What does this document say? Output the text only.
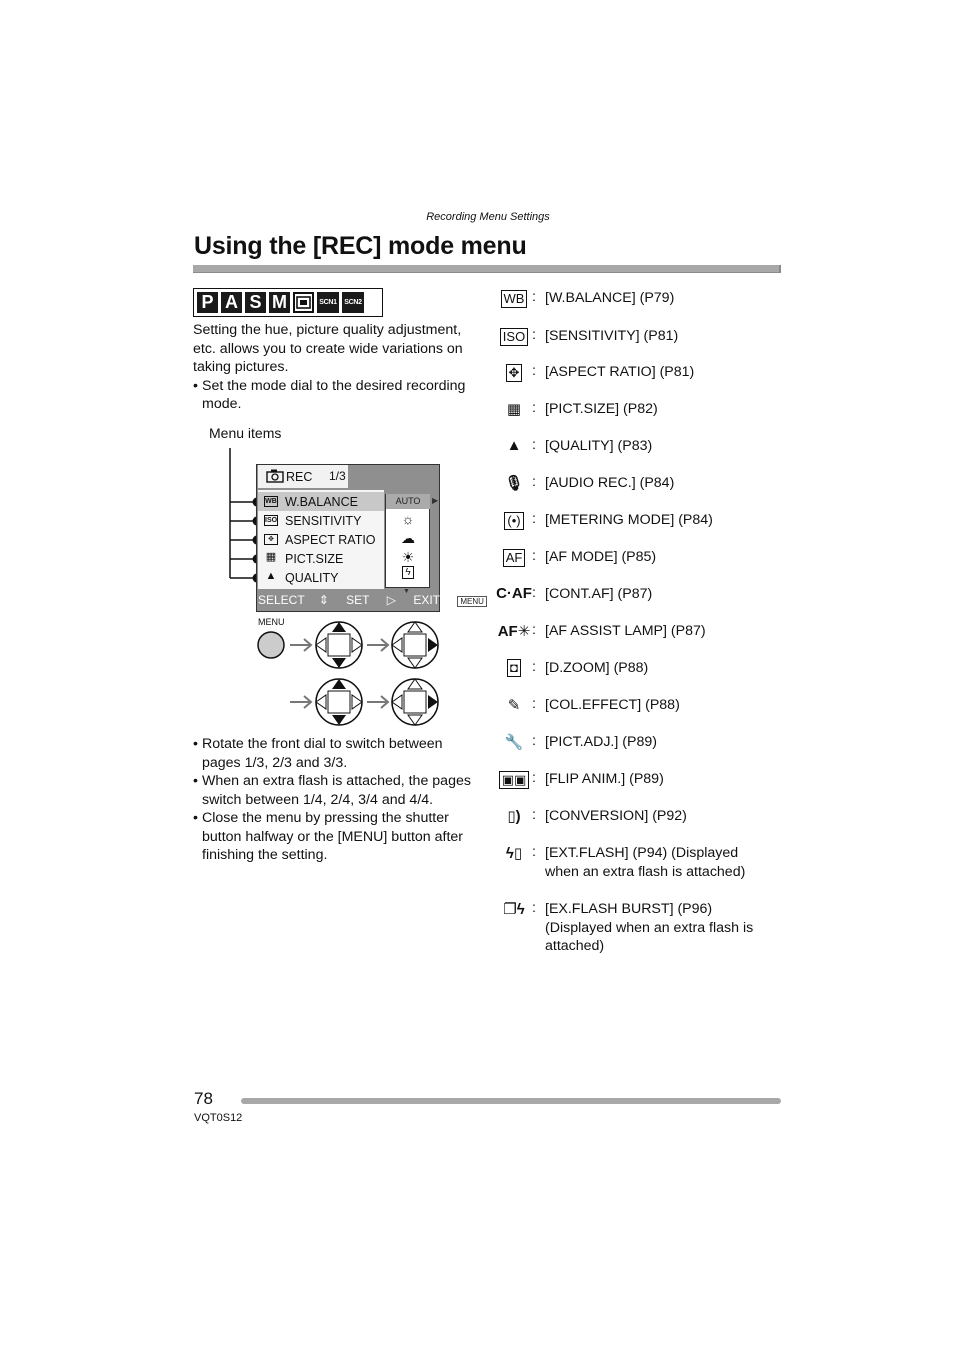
Recording Menu Settings
Using the [REC] mode menu
P A S M	SCN1	SCN2
Setting the hue, picture quality adjustment, etc. allows you to create wide variations on taking pictures.
• Set the mode dial to the desired recording mode.
Menu items
REC 1/3
WB W.BALANCE
ISO SENSITIVITY
✥ ASPECT RATIO
▦ PICT.SIZE
▲ QUALITY
AUTO	▶
☼
☁
☀
ϟ
▼
SELECT ⇕ SET ▷ EXIT	MENU
MENU
• Rotate the front dial to switch between pages 1/3, 2/3 and 3/3.
• When an extra flash is attached, the pages switch between 1/4, 2/4, 3/4 and 4/4.
• Close the menu by pressing the shutter button halfway or the [MENU] button after finishing the setting.
WB : [W.BALANCE] (P79)
ISO : [SENSITIVITY] (P81)
✥ : [ASPECT RATIO] (P81)
▦ : [PICT.SIZE] (P82)
▲ : [QUALITY] (P83)
🎙 : [AUDIO REC.] (P84)
(•) : [METERING MODE] (P84)
AF : [AF MODE] (P85)
C·AF : [CONT.AF] (P87)
AF✳ : [AF ASSIST LAMP] (P87)
◘ : [D.ZOOM] (P88)
✎ : [COL.EFFECT] (P88)
🔧 : [PICT.ADJ.] (P89)
▣▣ : [FLIP ANIM.] (P89)
▯) : [CONVERSION] (P92)
ϟ▯ : [EXT.FLASH] (P94) (Displayed when an extra flash is attached)
❐ϟ : [EX.FLASH BURST] (P96) (Displayed when an extra flash is attached)
78
VQT0S12
